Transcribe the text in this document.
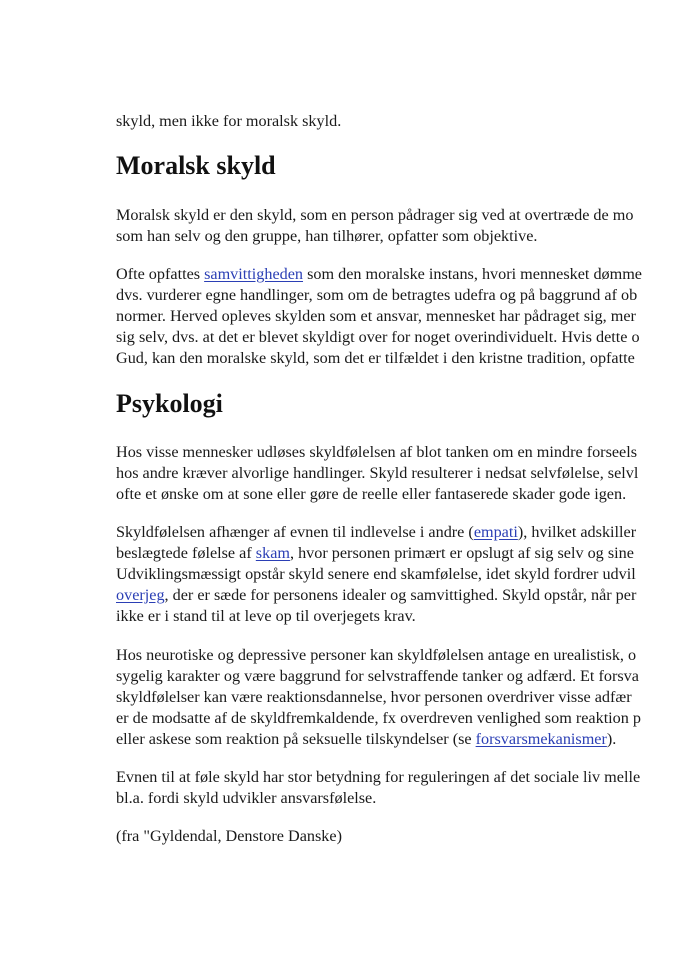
skyld, men ikke for moralsk skyld.
Moralsk skyld
Moralsk skyld er den skyld, som en person pådrager sig ved at overtræde de mo
som han selv og den gruppe, han tilhører, opfatter som objektive.
Ofte opfattes samvittigheden som den moralske instans, hvori mennesket dømme
dvs. vurderer egne handlinger, som om de betragtes udefra og på baggrund af ob
normer. Herved opleves skylden som et ansvar, mennesket har pådraget sig, mer
sig selv, dvs. at det er blevet skyldigt over for noget overindividuelt. Hvis dette o
Gud, kan den moralske skyld, som det er tilfældet i den kristne tradition, opfatte
Psykologi
Hos visse mennesker udløses skyldfølelsen af blot tanken om en mindre forseels
hos andre kræver alvorlige handlinger. Skyld resulterer i nedsat selvfølelse, selvl
ofte et ønske om at sone eller gøre de reelle eller fantaserede skader gode igen.
Skyldfølelsen afhænger af evnen til indlevelse i andre (empati), hvilket adskiller
beslægtede følelse af skam, hvor personen primært er opslugt af sig selv og sine
Udviklingsmæssigt opstår skyld senere end skamfølelse, idet skyld fordrer udvil
overjeg, der er sæde for personens idealer og samvittighed. Skyld opstår, når per
ikke er i stand til at leve op til overjegets krav.
Hos neurotiske og depressive personer kan skyldfølelsen antage en urealistisk, o
sygelig karakter og være baggrund for selvstraffende tanker og adfærd. Et forsva
skyldfølelser kan være reaktionsdannelse, hvor personen overdriver visse adfær
er de modsatte af de skyldfremkaldende, fx overdreven venlighed som reaktion p
eller askese som reaktion på seksuelle tilskyndelser (se forsvarsmekanismer).
Evnen til at føle skyld har stor betydning for reguleringen af det sociale liv melle
bl.a. fordi skyld udvikler ansvarsfølelse.
(fra "Gyldendal, Denstore Danske)
